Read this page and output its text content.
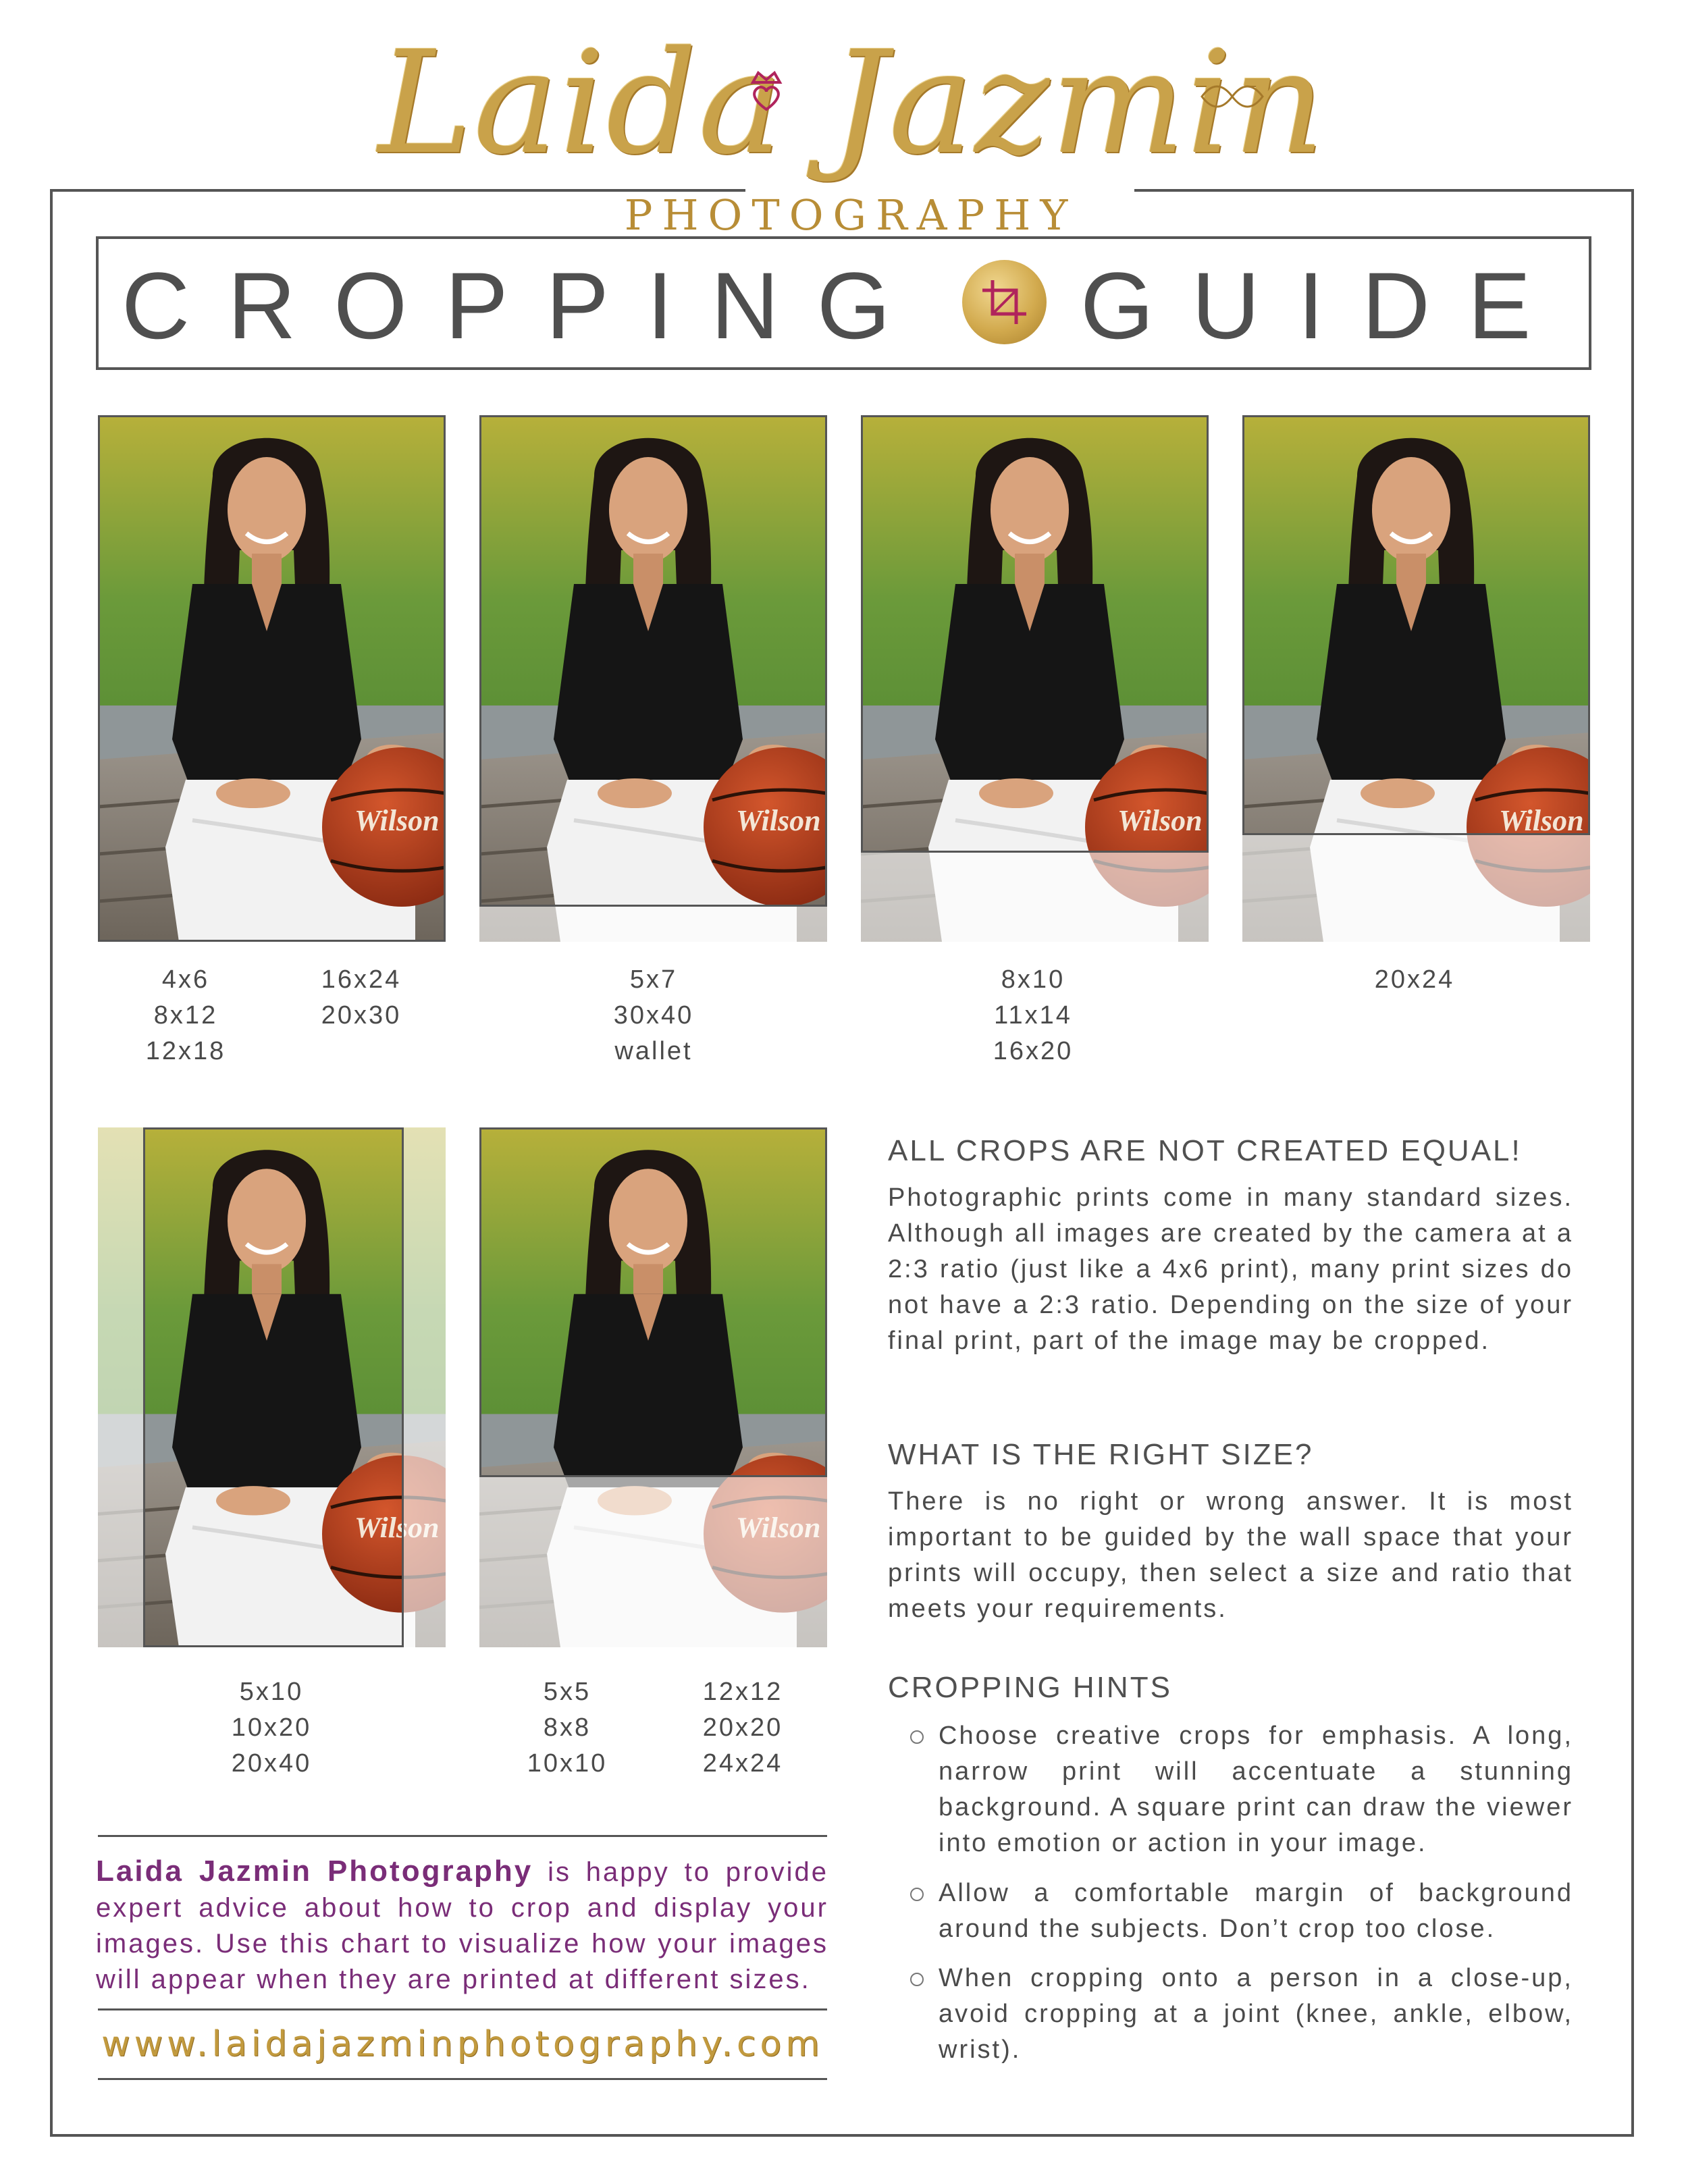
Laida Jazmin
PHOTOGRAPHY
CROPPING GUIDE
4x6
8x12
12x18
16x24
20x30
5x7
30x40
wallet
8x10
11x14
16x20
20x24
5x10
10x20
20x40
5x5
8x8
10x10
12x12
20x20
24x24
ALL CROPS ARE NOT CREATED EQUAL!
Photographic prints come in many standard sizes. Although all images are created by the camera at a 2:3 ratio (just like a 4x6 print), many print sizes do not have a 2:3 ratio. Depending on the size of your final print, part of the image may be cropped.
WHAT IS THE RIGHT SIZE?
There is no right or wrong answer. It is most important to be guided by the wall space that your prints will occupy, then select a size and ratio that meets your requirements.
CROPPING HINTS
Choose creative crops for emphasis. A long, narrow print will accentuate a stunning background. A square print can draw the viewer into emotion or action in your image.
Allow a comfortable margin of background around the subjects. Don’t crop too close.
When cropping onto a person in a close-up, avoid cropping at a joint (knee, ankle, elbow, wrist).
Laida Jazmin Photography is happy to provide expert advice about how to crop and display your images. Use this chart to visualize how your images will appear when they are printed at different sizes.
www.laidajazminphotography.com
